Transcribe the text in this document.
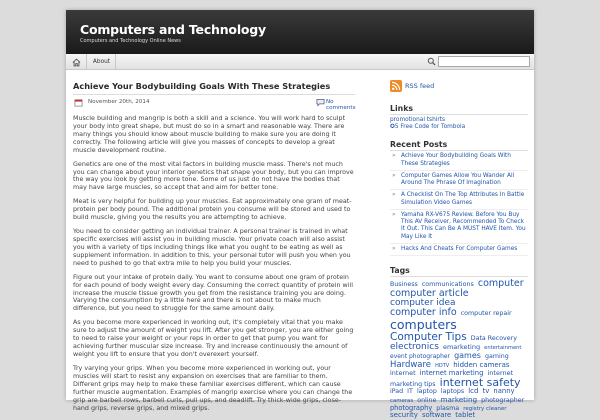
Computers and Technology
Computers and Technology Online News
About
Achieve Your Bodybuilding Goals With These Strategies
November 20th, 2014	No comments

Muscle building and mangrip is both a skill and a science. You will work hard to sculpt your body into great shape, but must do so in a smart and reasonable way. There are many things you should know about muscle building to make sure you are doing it correctly. The following article will give you masses of concepts to develop a great muscle development routine.

Genetics are one of the most vital factors in building muscle mass. There's not much you can change about your interior genetics that shape your body, but you can improve the way you look by getting more tone. Some of us just do not have the bodies that may have large muscles, so accept that and aim for better tone.

Meat is very helpful for building up your muscles. Eat approximately one gram of meat-protein per body pound. The additional protein you consume will be stored and used to build muscle, giving you the results you are attempting to achieve.

You need to consider getting an individual trainer. A personal trainer is trained in what specific exercises will assist you in building muscle. Your private coach will also assist you with a variety of tips including things like what you ought to be eating as well as supplement information. In addition to this, your personal tutor will push you when you need to pushed to go that extra mile to help you build your muscles.

Figure out your intake of protein daily. You want to consume about one gram of protein for each pound of body weight every day. Consuming the correct quantity of protein will increase the muscle tissue growth you get from the resistance training you are doing. Varying the consumption by a little here and there is not about to make much difference, but you need to struggle for the same amount daily.

As you become more experienced in working out, it's completely vital that you make sure to adjust the amount of weight you lift. After you get stronger, you are either going to need to raise your weight or your reps in order to get that pump you want for achieving further muscular size increase. Try and increase continuously the amount of weight you lift to ensure that you don't overexert yourself.

Try varying your grips. When you become more experienced in working out, your muscles will start to resist any expansion on exercises that are familiar to them. Different grips may help to make these familiar exercises different, which can cause further muscle augmentation. Examples of mangrip exercise where you can change the grip are barbell rows, barbell curls, pull ups, and deadlift. Try thick-wide grips, close-hand grips, reverse grips, and mixed grips.

RSS feed
Links
promotional tshirts
✪5 Free Code for Tombola
Recent Posts
» Achieve Your Bodybuilding Goals With These Strategies
» Computer Games Allow You Wander All Around The Phrase Of Imagination
» A Checklist On The Top Attributes In Battle Simulation Video Games
» Yamaha RX-V675 Review. Before You Buy This AV Receiver, Recommended To Check It Out. This Can Be A MUST HAVE Item. You May Like It
» Hacks And Cheats For Computer Games
Tags
Business communications computer computer article computer idea computer info computer repair computers Computer Tips Data Recovery electronics emarketing entertainment event photographer games gaming Hardware HDTV hidden cameras internet internet marketing internet marketing tips internet safety iPad IT laptop laptops lcd tv nanny cameras online marketing photographer photography plasma registry cleaner security software tablet
